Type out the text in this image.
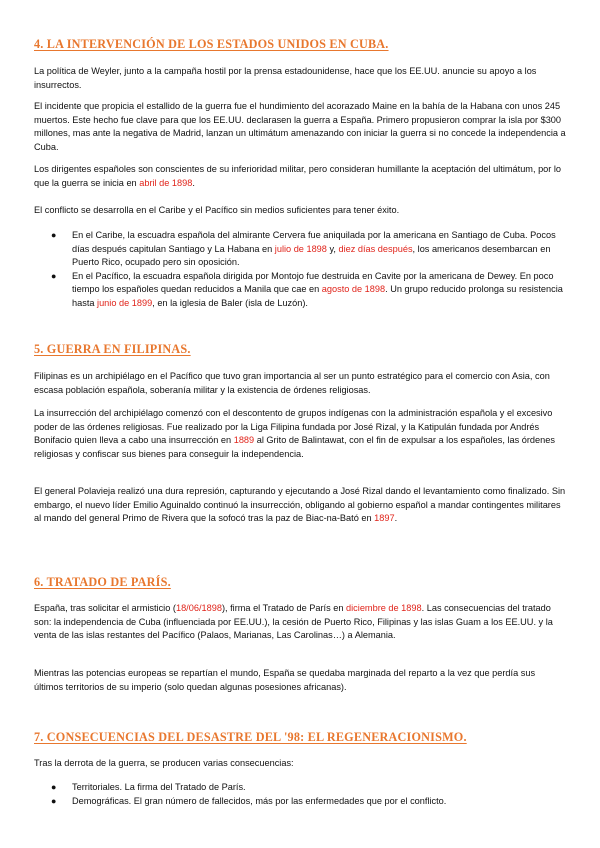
4. LA INTERVENCIÓN DE LOS ESTADOS UNIDOS EN CUBA.

La política de Weyler, junto a la campaña hostil por la prensa estadounidense, hace que los EE.UU. anuncie su apoyo a los insurrectos.

El incidente que propicia el estallido de la guerra fue el hundimiento del acorazado Maine en la bahía de la Habana con unos 245 muertos. Este hecho fue clave para que los EE.UU. declarasen la guerra a España. Primero propusieron comprar la isla por $300 millones, mas ante la negativa de Madrid, lanzan un ultimátum amenazando con iniciar la guerra si no concede la independencia a Cuba.

Los dirigentes españoles son conscientes de su inferioridad militar, pero consideran humillante la aceptación del ultimátum, por lo que la guerra se inicia en abril de 1898.

El conflicto se desarrolla en el Caribe y el Pacífico sin medios suficientes para tener éxito.

● En el Caribe, la escuadra española del almirante Cervera fue aniquilada por la americana en Santiago de Cuba. Pocos días después capitulan Santiago y La Habana en julio de 1898 y, diez días después, los americanos desembarcan en Puerto Rico, ocupado pero sin oposición.
● En el Pacífico, la escuadra española dirigida por Montojo fue destruida en Cavite por la americana de Dewey. En poco tiempo los españoles quedan reducidos a Manila que cae en agosto de 1898. Un grupo reducido prolonga su resistencia hasta junio de 1899, en la iglesia de Baler (isla de Luzón).
5. GUERRA EN FILIPINAS.

Filipinas es un archipiélago en el Pacífico que tuvo gran importancia al ser un punto estratégico para el comercio con Asia, con escasa población española, soberanía militar y la existencia de órdenes religiosas.

La insurrección del archipiélago comenzó con el descontento de grupos indígenas con la administración española y el excesivo poder de las órdenes religiosas. Fue realizado por la Liga Filipina fundada por José Rizal, y la Katipulán fundada por Andrés Bonifacio quien lleva a cabo una insurrección en 1889 al Grito de Balintawat, con el fin de expulsar a los españoles, las órdenes religiosas y confiscar sus bienes para conseguir la independencia.

El general Polavieja realizó una dura represión, capturando y ejecutando a José Rizal dando el levantamiento como finalizado. Sin embargo, el nuevo líder Emilio Aguinaldo continuó la insurrección, obligando al gobierno español a mandar contingentes militares al mando del general Primo de Rivera que la sofocó tras la paz de Biac-na-Bató en 1897.

6. TRATADO DE PARÍS.

España, tras solicitar el armisticio (18/06/1898), firma el Tratado de París en diciembre de 1898. Las consecuencias del tratado son: la independencia de Cuba (influenciada por EE.UU.), la cesión de Puerto Rico, Filipinas y las islas Guam a los EE.UU. y la venta de las islas restantes del Pacífico (Palaos, Marianas, Las Carolinas…) a Alemania.

Mientras las potencias europeas se repartían el mundo, España se quedaba marginada del reparto a la vez que perdía sus últimos territorios de su imperio (solo quedan algunas posesiones africanas).

7. CONSECUENCIAS DEL DESASTRE DEL '98: EL REGENERACIONISMO.

Tras la derrota de la guerra, se producen varias consecuencias:

● Territoriales. La firma del Tratado de París.
● Demográficas. El gran número de fallecidos, más por las enfermedades que por el conflicto.
